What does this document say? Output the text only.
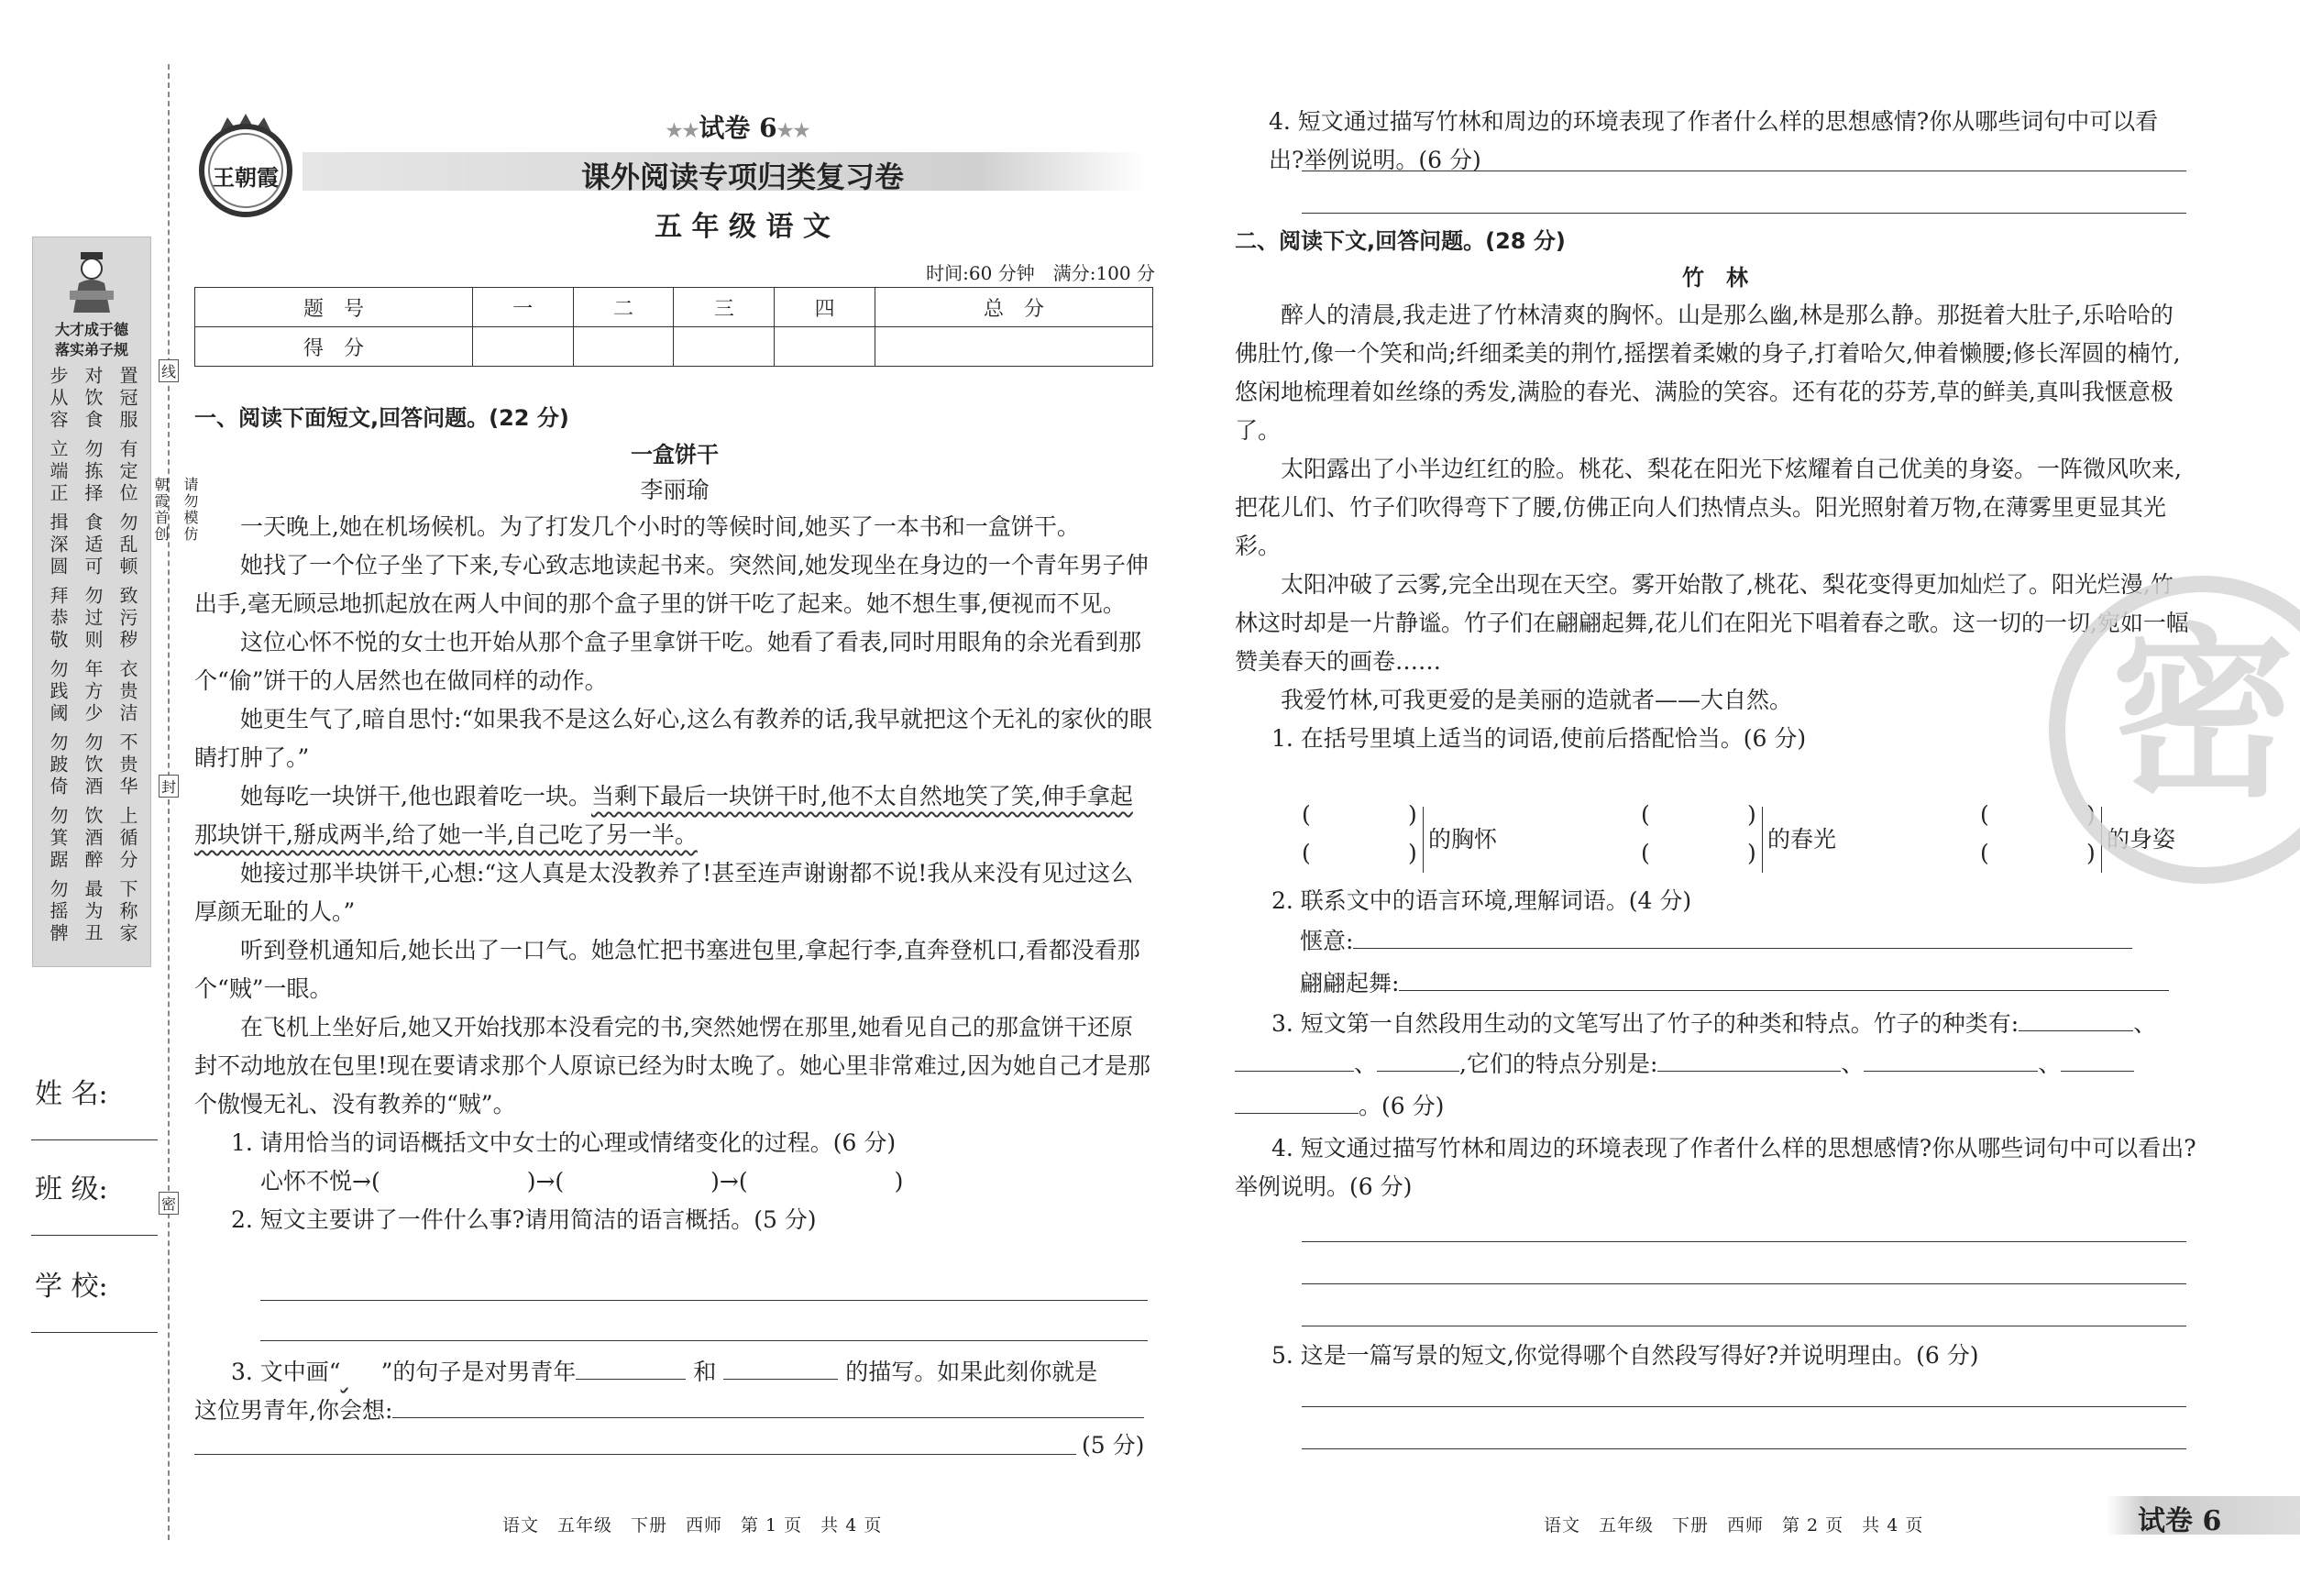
大才成于德
落实弟子规
步从容 对饮食 置冠服
立端正 勿拣择 有定位
揖深圆 食适可 勿乱顿
拜恭敬 勿过则 致污秽
勿践阈 年方少 衣贵洁
勿跛倚 勿饮酒 不贵华
勿箕踞 饮酒醉 上循分
勿摇髀 最为丑 下称家
线
封
密
朝霞首创 请勿模仿
姓 名:
班 级:
学 校:
王朝霞
★★试卷 6★★
课外阅读专项归类复习卷
五 年 级 语 文
时间:60 分钟　满分:100 分
题　号	一	二	三	四	总　分
得　分					
一、阅读下面短文,回答问题。(22 分)
一盒饼干
李丽瑜

一天晚上,她在机场候机。为了打发几个小时的等候时间,她买了一本书和一盒饼干。

她找了一个位子坐了下来,专心致志地读起书来。突然间,她发现坐在身边的一个青年男子伸出手,毫无顾忌地抓起放在两人中间的那个盒子里的饼干吃了起来。她不想生事,便视而不见。

这位心怀不悦的女士也开始从那个盒子里拿饼干吃。她看了看表,同时用眼角的余光看到那个“偷”饼干的人居然也在做同样的动作。

她更生气了,暗自思忖:“如果我不是这么好心,这么有教养的话,我早就把这个无礼的家伙的眼睛打肿了。”

她每吃一块饼干,他也跟着吃一块。当剩下最后一块饼干时,他不太自然地笑了笑,伸手拿起那块饼干,掰成两半,给了她一半,自己吃了另一半。

她接过那半块饼干,心想:“这人真是太没教养了!甚至连声谢谢都不说!我从来没有见过这么厚颜无耻的人。”

听到登机通知后,她长出了一口气。她急忙把书塞进包里,拿起行李,直奔登机口,看都没看那个“贼”一眼。

在飞机上坐好后,她又开始找那本没看完的书,突然她愣在那里,她看见自己的那盒饼干还原封不动地放在包里!现在要请求那个人原谅已经为时太晚了。她心里非常难过,因为她自己才是那个傲慢无礼、没有教养的“贼”。

1. 请用恰当的词语概括文中女士的心理或情绪变化的过程。(6 分)

心怀不悦→(	)→(	)→(	)

2. 短文主要讲了一件什么事?请用简洁的语言概括。(5 分)

3. 文中画“ ”的句子是对男青年	和	的描写。如果此刻你就是
这位男青年,你会想:
(5 分)
4. 短文通过描写竹林和周边的环境表现了作者什么样的思想感情?你从哪些词句中可以看出?举例说明。(6 分)
二、阅读下文,回答问题。(28 分)
竹　林

醉人的清晨,我走进了竹林清爽的胸怀。山是那么幽,林是那么静。那挺着大肚子,乐哈哈的佛肚竹,像一个笑和尚;纤细柔美的荆竹,摇摆着柔嫩的身子,打着哈欠,伸着懒腰;修长浑圆的楠竹,悠闲地梳理着如丝绦的秀发,满脸的春光、满脸的笑容。还有花的芬芳,草的鲜美,真叫我惬意极了。

太阳露出了小半边红红的脸。桃花、梨花在阳光下炫耀着自己优美的身姿。一阵微风吹来,把花儿们、竹子们吹得弯下了腰,仿佛正向人们热情点头。阳光照射着万物,在薄雾里更显其光彩。

太阳冲破了云雾,完全出现在天空。雾开始散了,桃花、梨花变得更加灿烂了。阳光烂漫,竹林这时却是一片静谧。竹子们在翩翩起舞,花儿们在阳光下唱着春之歌。这一切的一切,宛如一幅赞美春天的画卷……

我爱竹林,可我更爱的是美丽的造就者——大自然。

1. 在括号里填上适当的词语,使前后搭配恰当。(6 分)

(	)
(	)
的胸怀
(	)
(	)
的春光
(	)
(	)
的身姿
2. 联系文中的语言环境,理解词语。(4 分)
惬意:
翩翩起舞:
3. 短文第一自然段用生动的文笔写出了竹子的种类和特点。竹子的种类有:	、
、	,它们的特点分别是:	、	、
。(6 分)
4. 短文通过描写竹林和周边的环境表现了作者什么样的思想感情?你从哪些词句中可以看出?举例说明。(6 分)
5. 这是一篇写景的短文,你觉得哪个自然段写得好?并说明理由。(6 分)
密
语文　五年级　下册　西师　第 1 页　共 4 页	语文　五年级　下册　西师　第 2 页　共 4 页	试卷 6
